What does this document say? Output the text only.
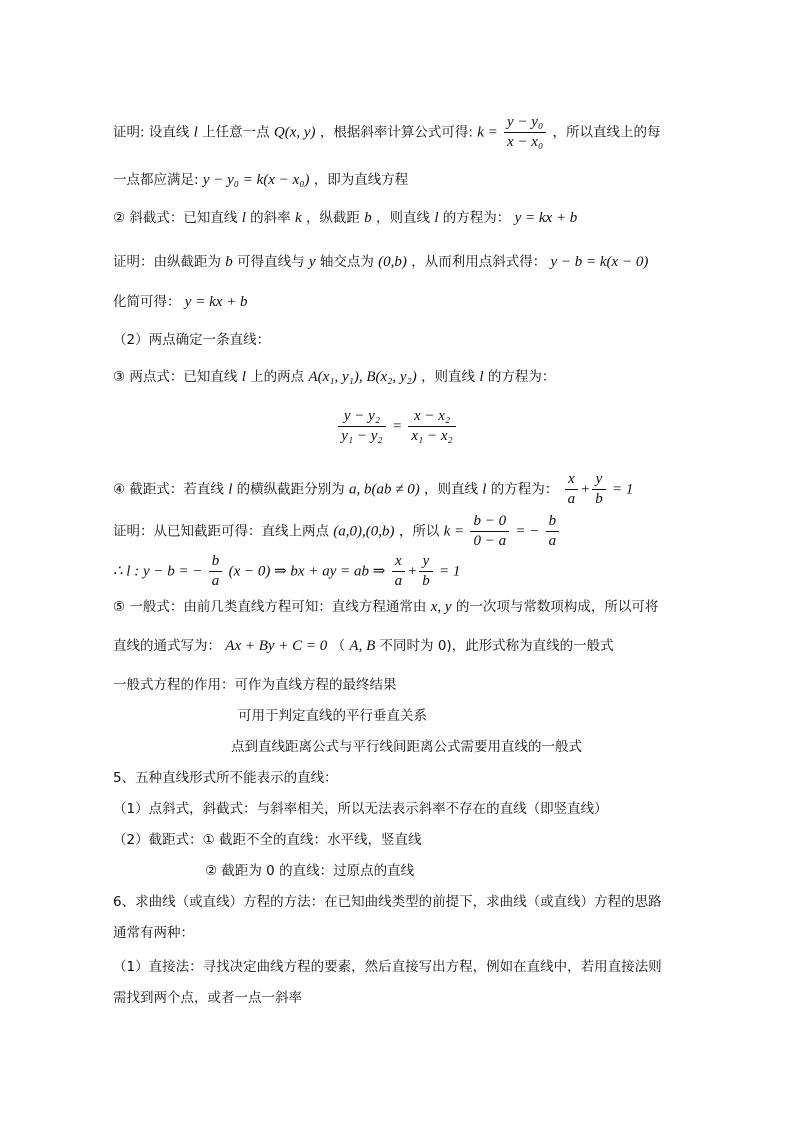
证明: 设直线 l 上任意一点 Q(x, y) ，根据斜率计算公式可得: $k = \frac{\text{y − y₀}}{\text{x − x₀}}$ ，所以直线上的每
一点都应满足: y − y₀ = k(x − x₀) ，即为直线方程
② 斜截式：已知直线 l 的斜率 k ，纵截距 b ，则直线 l 的方程为： y = kx + b
证明：由纵截距为 b 可得直线与 y 轴交点为 (0,b) ，从而利用点斜式得： y − b = k(x − 0)
化简可得： y = kx + b
（2）两点确定一条直线：
③ 两点式：已知直线 l 上的两点 A(x₁, y₁), B(x₂, y₂) ，则直线 l 的方程为：
$\frac{\text{y − y₂}}{\text{y₁ − y₂}} = \frac{\text{x − x₂}}{\text{x₁ − x₂}}$
④ 截距式：若直线 l 的横纵截距分别为 a, b(ab ≠ 0) ，则直线 l 的方程为： $\frac{x}{a} + \frac{y}{b} = 1$
证明：从已知截距可得：直线上两点 (a,0),(0,b) ，所以 $k = \frac{b - 0}{0 - a}$ = − $\frac{b}{a}$
∴ l : y − b = − $\frac{b}{a} (x - 0)$ ⇒ bx + ay = ab ⇒ $\frac{x}{a} + \frac{y}{b} = 1$
⑤ 一般式：由前几类直线方程可知：直线方程通常由 x, y 的一次项与常数项构成，所以可将
直线的通式写为： Ax + By + C = 0 （ A, B 不同时为 0)，此形式称为直线的一般式
一般式方程的作用：可作为直线方程的最终结果
可用于判定直线的平行垂直关系
点到直线距离公式与平行线间距离公式需要用直线的一般式
5、五种直线形式所不能表示的直线：
（1）点斜式，斜截式：与斜率相关，所以无法表示斜率不存在的直线（即竖直线）
（2）截距式：① 截距不全的直线：水平线，竖直线
② 截距为 0 的直线：过原点的直线
6、求曲线（或直线）方程的方法：在已知曲线类型的前提下，求曲线（或直线）方程的思路
通常有两种：
（1）直接法：寻找决定曲线方程的要素，然后直接写出方程，例如在直线中，若用直接法则
需找到两个点，或者一点一斜率
